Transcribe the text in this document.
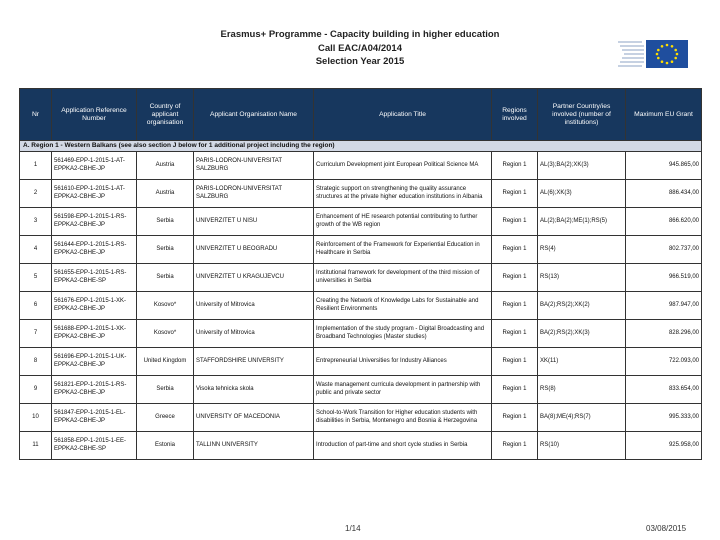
Erasmus+ Programme - Capacity building in higher education
Call EAC/A04/2014
Selection Year 2015
Nr	Application Reference Number	Country of applicant organisation	Applicant Organisation Name	Application Title	Regions involved	Partner Country/ies involved (number of institutions)	Maximum EU Grant
A. Region 1 - Western Balkans (see also section J below for 1 additional project including the region)							
1	561469-EPP-1-2015-1-AT-EPPKA2-CBHE-JP	Austria	PARIS-LODRON-UNIVERSITAT SALZBURG	Curriculum Development joint European Political Science MA	Region 1	AL(3);BA(2);XK(3)	945.865,00
2	561610-EPP-1-2015-1-AT-EPPKA2-CBHE-JP	Austria	PARIS-LODRON-UNIVERSITAT SALZBURG	Strategic support on strengthening the quality assurance structures at the private higher education institutions in Albania	Region 1	AL(6);XK(3)	886.434,00
3	561598-EPP-1-2015-1-RS-EPPKA2-CBHE-JP	Serbia	UNIVERZITET U NISU	Enhancement of HE research potential contributing to further growth of the WB region	Region 1	AL(2);BA(2);ME(1);RS(5)	866.620,00
4	561644-EPP-1-2015-1-RS-EPPKA2-CBHE-JP	Serbia	UNIVERZITET U BEOGRADU	Reinforcement of the Framework for Experiential Education in Healthcare in Serbia	Region 1	RS(4)	802.737,00
5	561655-EPP-1-2015-1-RS-EPPKA2-CBHE-SP	Serbia	UNIVERZITET U KRAGUJEVCU	Institutional framework for development of the third mission of universities in Serbia	Region 1	RS(13)	966.519,00
6	561676-EPP-1-2015-1-XK-EPPKA2-CBHE-JP	Kosovo*	University of Mitrovica	Creating the Network of Knowledge Labs for Sustainable and Resilient Environments	Region 1	BA(2);RS(2);XK(2)	987.947,00
7	561688-EPP-1-2015-1-XK-EPPKA2-CBHE-JP	Kosovo*	University of Mitrovica	Implementation of the study program - Digital Broadcasting and Broadband Technologies (Master studies)	Region 1	BA(2);RS(2);XK(3)	828.296,00
8	561696-EPP-1-2015-1-UK-EPPKA2-CBHE-JP	United Kingdom	STAFFORDSHIRE UNIVERSITY	Entrepreneurial Universities for Industry Alliances	Region 1	XK(11)	722.093,00
9	561821-EPP-1-2015-1-RS-EPPKA2-CBHE-JP	Serbia	Visoka tehnicka skola	Waste management curricula development in partnership with public and private sector	Region 1	RS(8)	833.654,00
10	561847-EPP-1-2015-1-EL-EPPKA2-CBHE-JP	Greece	UNIVERSITY OF MACEDONIA	School-to-Work Transition for Higher education students with disabilities in Serbia, Montenegro and Bosnia & Herzegovina	Region 1	BA(8);ME(4);RS(7)	995.333,00
11	561858-EPP-1-2015-1-EE-EPPKA2-CBHE-SP	Estonia	TALLINN UNIVERSITY	Introduction of part-time and short cycle studies in Serbia	Region 1	RS(10)	925.958,00
1/14	03/08/2015
